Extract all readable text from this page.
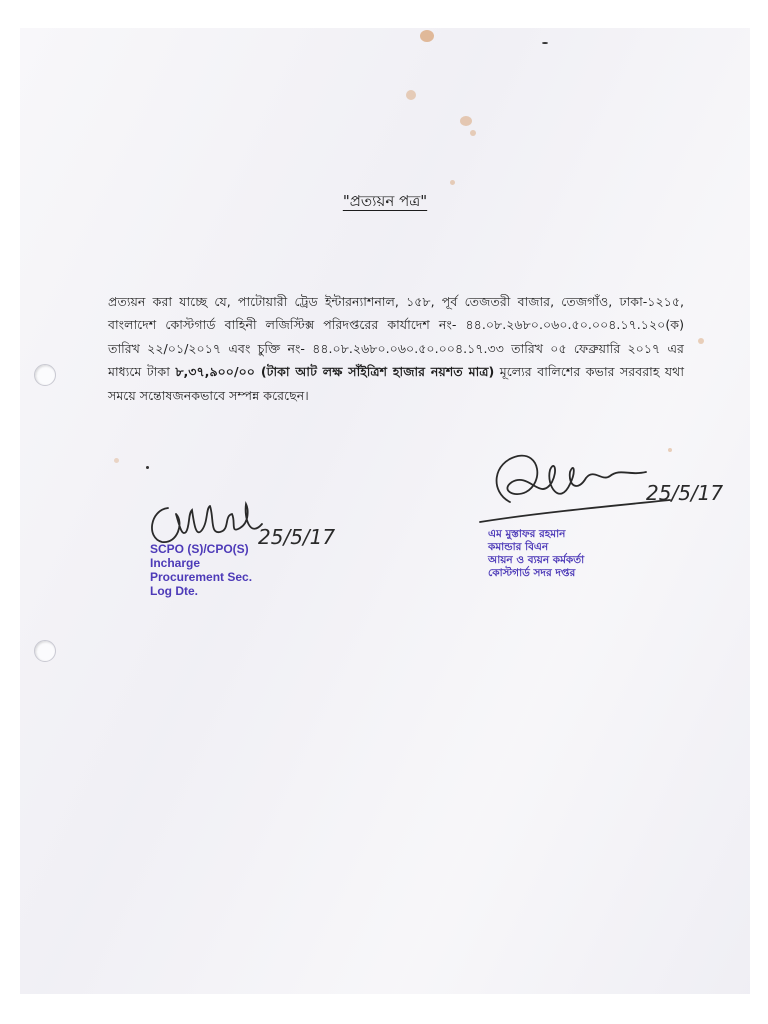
"প্রত্যয়ন পত্র"
প্রত্যয়ন করা যাচ্ছে যে, পাটোয়ারী ট্রেড ইন্টারন্যাশনাল, ১৫৮, পূর্ব তেজতরী বাজার, তেজগাঁও, ঢাকা-১২১৫, বাংলাদেশ কোস্টগার্ড বাহিনী লজিস্টিক্স পরিদপ্তরের কার্যাদেশ নং- ৪৪.০৮.২৬৮০.০৬০.৫০.০০৪.১৭.১২০(ক) তারিখ ২২/০১/২০১৭ এবং চুক্তি নং- ৪৪.০৮.২৬৮০.০৬০.৫০.০০৪.১৭.৩৩ তারিখ ০৫ ফেব্রুয়ারি ২০১৭ এর মাধ্যমে টাকা ৮,৩৭,৯০০/০০ (টাকা আট লক্ষ সাঁইত্রিশ হাজার নয়শত মাত্র) মূল্যের বালিশের কভার সরবরাহ যথা সময়ে সন্তোষজনকভাবে সম্পন্ন করেছেন।
25/5/17
SCPO (S)/CPO(S)
Incharge
Procurement Sec.
Log Dte.
25/5/17
এম মুস্তাফর রহমান
কমান্ডার বিএন
আয়ন ও ব্যয়ন কর্মকর্তা
কোস্টগার্ড সদর দপ্তর
